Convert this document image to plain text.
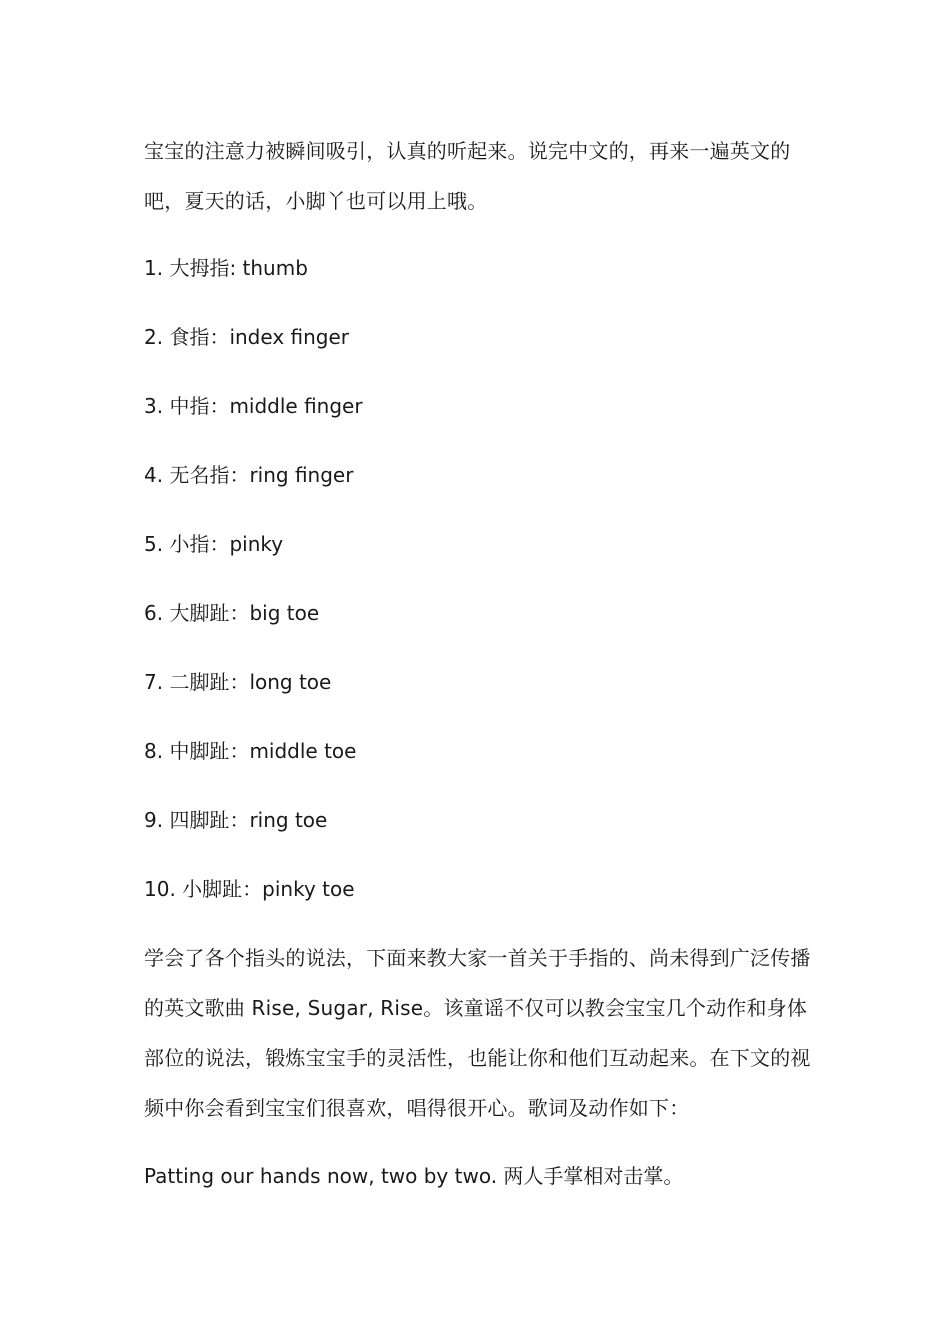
宝宝的注意力被瞬间吸引，认真的听起来。说完中文的，再来一遍英文的吧，夏天的话，小脚丫也可以用上哦。

1. 大拇指: thumb

2. 食指：index finger

3. 中指：middle finger

4. 无名指：ring finger

5. 小指：pinky

6. 大脚趾：big toe

7. 二脚趾：long toe

8. 中脚趾：middle toe

9. 四脚趾：ring toe

10. 小脚趾：pinky toe

学会了各个指头的说法，下面来教大家一首关于手指的、尚未得到广泛传播的英文歌曲 Rise, Sugar, Rise。该童谣不仅可以教会宝宝几个动作和身体部位的说法，锻炼宝宝手的灵活性，也能让你和他们互动起来。在下文的视频中你会看到宝宝们很喜欢，唱得很开心。歌词及动作如下：

Patting our hands now, two by two. 两人手掌相对击掌。
